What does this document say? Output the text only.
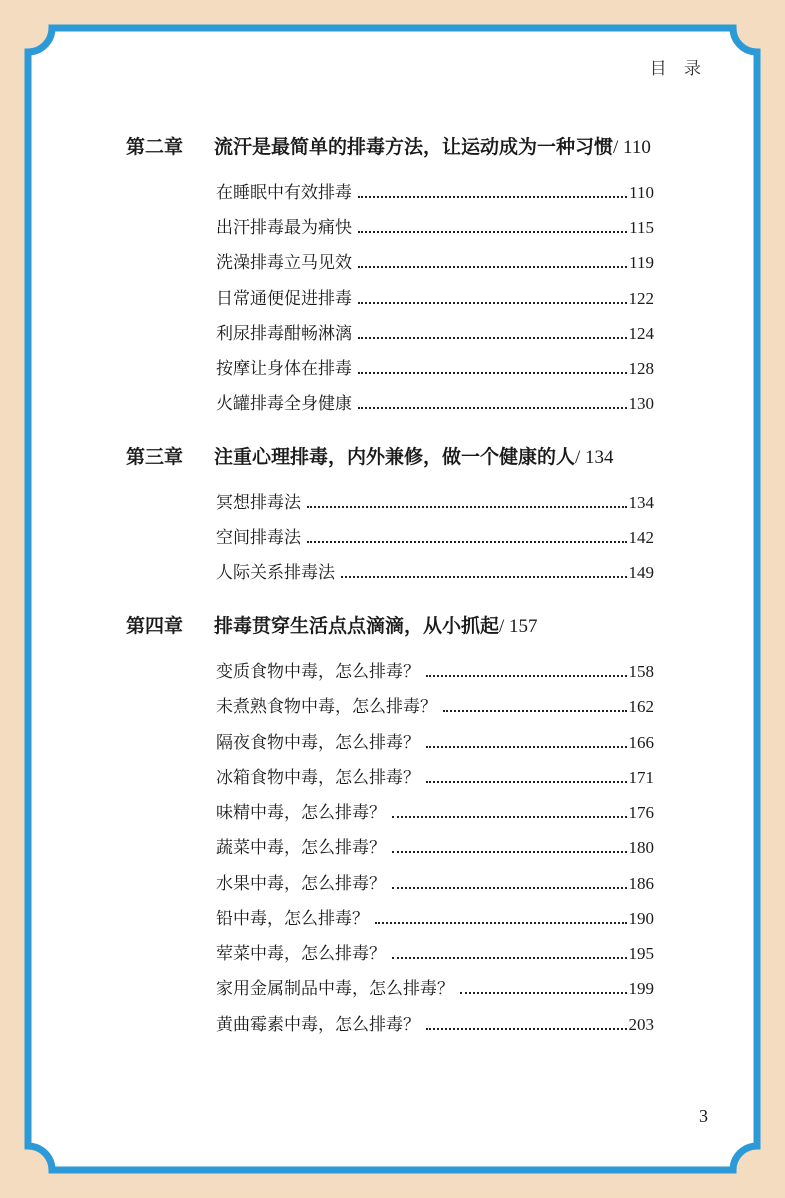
目 录
第二章 流汗是最简单的排毒方法，让运动成为一种习惯/ 110
在睡眠中有效排毒	110
出汗排毒最为痛快	115
洗澡排毒立马见效	119
日常通便促进排毒	122
利尿排毒酣畅淋漓	124
按摩让身体在排毒	128
火罐排毒全身健康	130
第三章 注重心理排毒，内外兼修，做一个健康的人/ 134
冥想排毒法	134
空间排毒法	142
人际关系排毒法	149
第四章 排毒贯穿生活点点滴滴，从小抓起/ 157
变质食物中毒，怎么排毒？	158
未煮熟食物中毒，怎么排毒？	162
隔夜食物中毒，怎么排毒？	166
冰箱食物中毒，怎么排毒？	171
味精中毒，怎么排毒？	176
蔬菜中毒，怎么排毒？	180
水果中毒，怎么排毒？	186
铅中毒，怎么排毒？	190
荤菜中毒，怎么排毒？	195
家用金属制品中毒，怎么排毒？	199
黄曲霉素中毒，怎么排毒？	203
3
